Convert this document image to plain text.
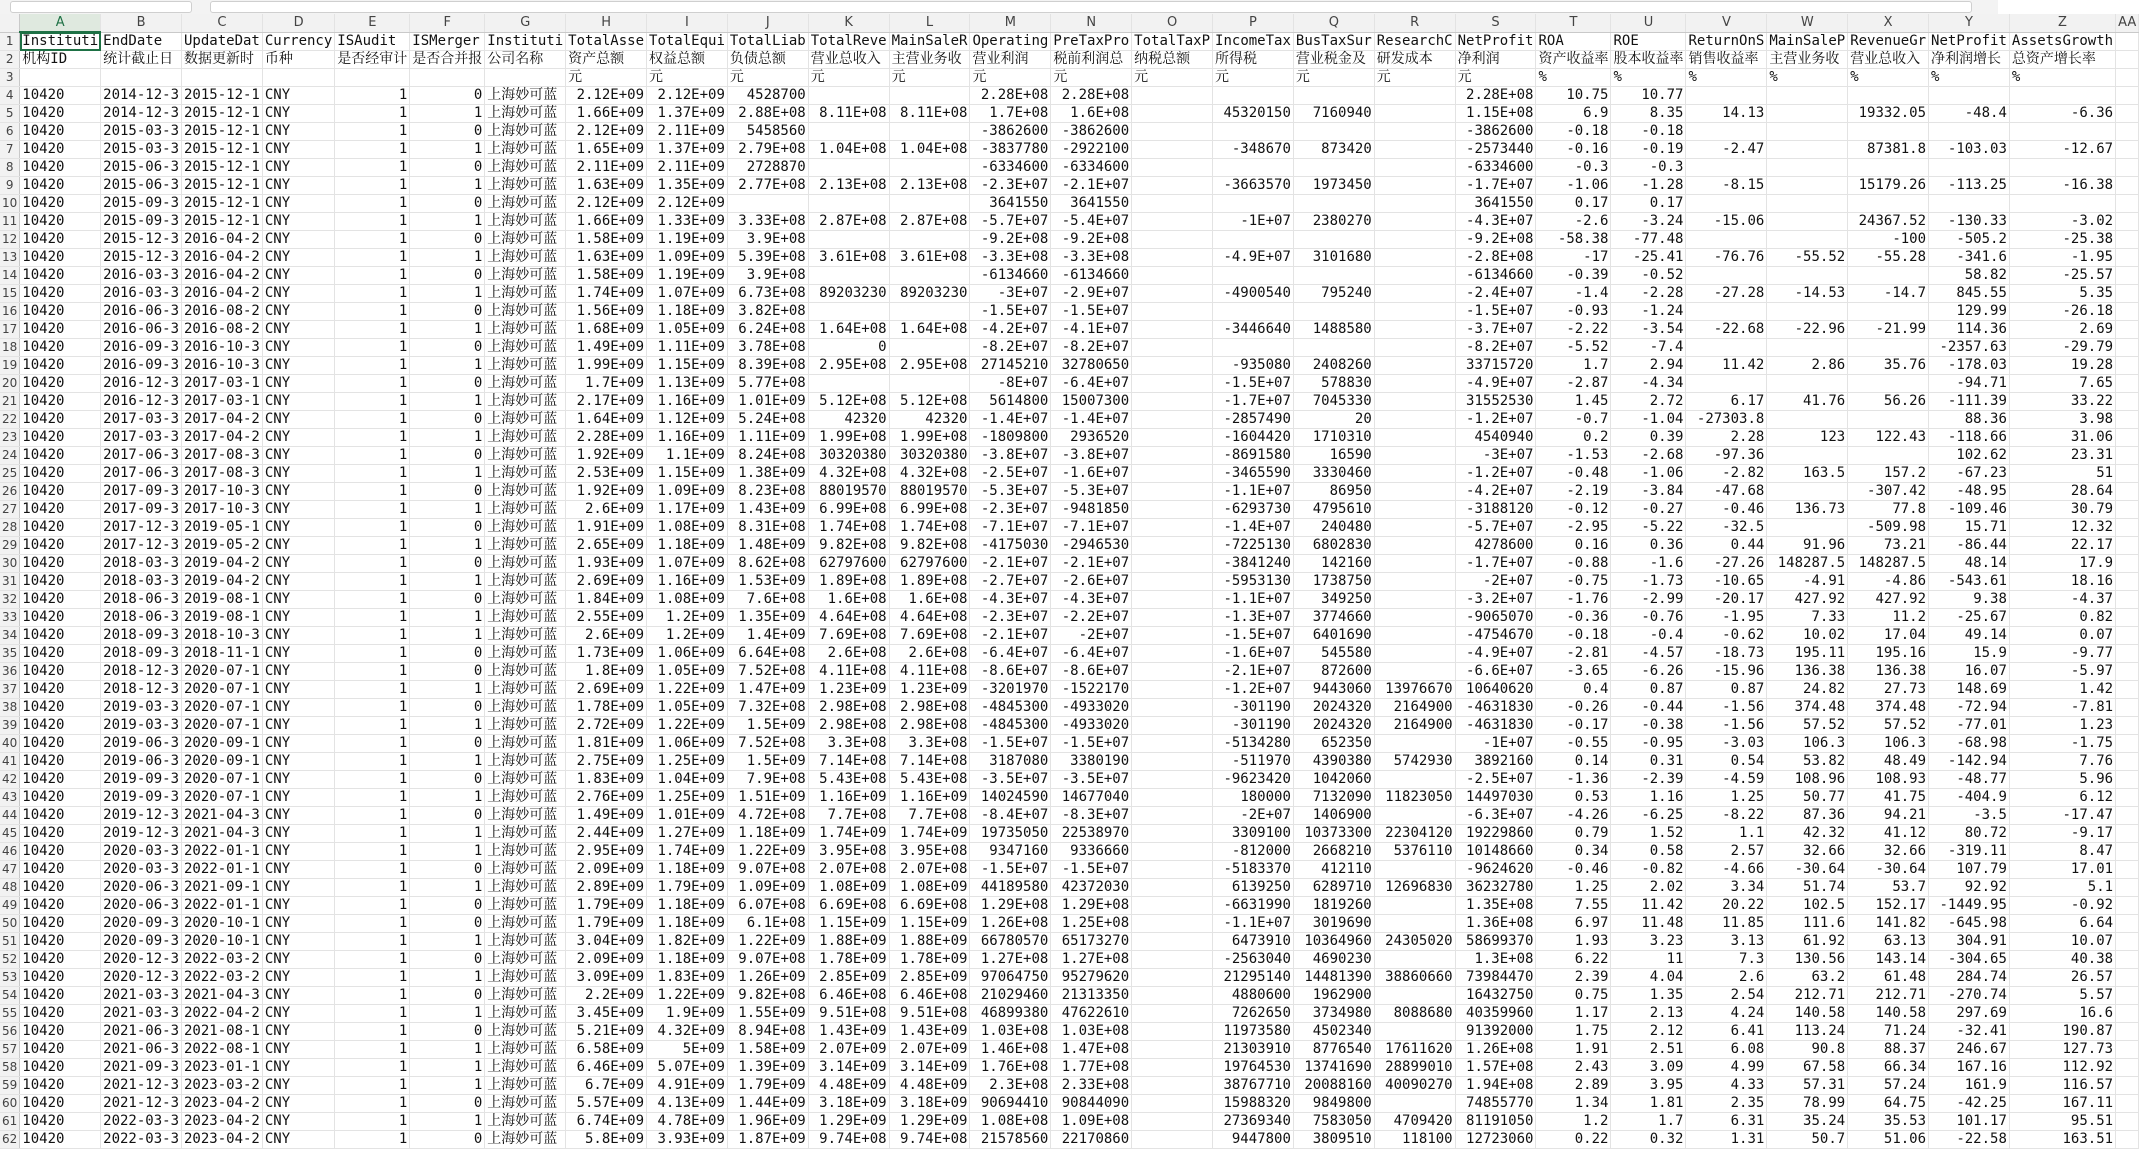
	A	B	C	D	E	F	G	H	I	J	K	L	M	N	O	P	Q	R	S	T	U	V	W	X	Y	Z	AA
1	Instituti	EndDate	UpdateDat	Currency	ISAudit	ISMerger	Instituti	TotalAsse	TotalEqui	TotalLiab	TotalReve	MainSaleR	Operating	PreTaxPro	TotalTaxP	IncomeTax	BusTaxSur	ResearchC	NetProfit	ROA	ROE	ReturnOnS	MainSaleP	RevenueGr	NetProfit	AssetsGrowth	
2	机构ID	统计截止日	数据更新时	币种	是否经审计	是否合并报	公司名称	资产总额	权益总额	负债总额	营业总收入	主营业务收	营业利润	税前利润总	纳税总额	所得税	营业税金及	研发成本	净利润	资产收益率	股本收益率	销售收益率	主营业务收	营业总收入	净利润增长	总资产增长率	
3								元	元	元	元	元	元	元	元	元	元	元	元	%	%	%	%	%	%	%	
4	10420	2014-12-3	2015-12-1	CNY	1	0	上海妙可蓝	2.12E+09	2.12E+09	4528700			2.28E+08	2.28E+08					2.28E+08	10.75	10.77						
5	10420	2014-12-3	2015-12-1	CNY	1	1	上海妙可蓝	1.66E+09	1.37E+09	2.88E+08	8.11E+08	8.11E+08	1.7E+08	1.6E+08		45320150	7160940		1.15E+08	6.9	8.35	14.13		19332.05	-48.4	-6.36	
6	10420	2015-03-3	2015-12-1	CNY	1	0	上海妙可蓝	2.12E+09	2.11E+09	5458560			-3862600	-3862600					-3862600	-0.18	-0.18						
7	10420	2015-03-3	2015-12-1	CNY	1	1	上海妙可蓝	1.65E+09	1.37E+09	2.79E+08	1.04E+08	1.04E+08	-3837780	-2922100		-348670	873420		-2573440	-0.16	-0.19	-2.47		87381.8	-103.03	-12.67	
8	10420	2015-06-3	2015-12-1	CNY	1	0	上海妙可蓝	2.11E+09	2.11E+09	2728870			-6334600	-6334600					-6334600	-0.3	-0.3						
9	10420	2015-06-3	2015-12-1	CNY	1	1	上海妙可蓝	1.63E+09	1.35E+09	2.77E+08	2.13E+08	2.13E+08	-2.3E+07	-2.1E+07		-3663570	1973450		-1.7E+07	-1.06	-1.28	-8.15		15179.26	-113.25	-16.38	
10	10420	2015-09-3	2015-12-1	CNY	1	0	上海妙可蓝	2.12E+09	2.12E+09				3641550	3641550					3641550	0.17	0.17						
11	10420	2015-09-3	2015-12-1	CNY	1	1	上海妙可蓝	1.66E+09	1.33E+09	3.33E+08	2.87E+08	2.87E+08	-5.7E+07	-5.4E+07		-1E+07	2380270		-4.3E+07	-2.6	-3.24	-15.06		24367.52	-130.33	-3.02	
12	10420	2015-12-3	2016-04-2	CNY	1	0	上海妙可蓝	1.58E+09	1.19E+09	3.9E+08			-9.2E+08	-9.2E+08					-9.2E+08	-58.38	-77.48			-100	-505.2	-25.38	
13	10420	2015-12-3	2016-04-2	CNY	1	1	上海妙可蓝	1.63E+09	1.09E+09	5.39E+08	3.61E+08	3.61E+08	-3.3E+08	-3.3E+08		-4.9E+07	3101680		-2.8E+08	-17	-25.41	-76.76	-55.52	-55.28	-341.6	-1.95	
14	10420	2016-03-3	2016-04-2	CNY	1	0	上海妙可蓝	1.58E+09	1.19E+09	3.9E+08			-6134660	-6134660					-6134660	-0.39	-0.52				58.82	-25.57	
15	10420	2016-03-3	2016-04-2	CNY	1	1	上海妙可蓝	1.74E+09	1.07E+09	6.73E+08	89203230	89203230	-3E+07	-2.9E+07		-4900540	795240		-2.4E+07	-1.4	-2.28	-27.28	-14.53	-14.7	845.55	5.35	
16	10420	2016-06-3	2016-08-2	CNY	1	0	上海妙可蓝	1.56E+09	1.18E+09	3.82E+08			-1.5E+07	-1.5E+07					-1.5E+07	-0.93	-1.24				129.99	-26.18	
17	10420	2016-06-3	2016-08-2	CNY	1	1	上海妙可蓝	1.68E+09	1.05E+09	6.24E+08	1.64E+08	1.64E+08	-4.2E+07	-4.1E+07		-3446640	1488580		-3.7E+07	-2.22	-3.54	-22.68	-22.96	-21.99	114.36	2.69	
18	10420	2016-09-3	2016-10-3	CNY	1	0	上海妙可蓝	1.49E+09	1.11E+09	3.78E+08	0		-8.2E+07	-8.2E+07					-8.2E+07	-5.52	-7.4				-2357.63	-29.79	
19	10420	2016-09-3	2016-10-3	CNY	1	1	上海妙可蓝	1.99E+09	1.15E+09	8.39E+08	2.95E+08	2.95E+08	27145210	32780650		-935080	2408260		33715720	1.7	2.94	11.42	2.86	35.76	-178.03	19.28	
20	10420	2016-12-3	2017-03-1	CNY	1	0	上海妙可蓝	1.7E+09	1.13E+09	5.77E+08			-8E+07	-6.4E+07		-1.5E+07	578830		-4.9E+07	-2.87	-4.34				-94.71	7.65	
21	10420	2016-12-3	2017-03-1	CNY	1	1	上海妙可蓝	2.17E+09	1.16E+09	1.01E+09	5.12E+08	5.12E+08	5614800	15007300		-1.7E+07	7045330		31552530	1.45	2.72	6.17	41.76	56.26	-111.39	33.22	
22	10420	2017-03-3	2017-04-2	CNY	1	0	上海妙可蓝	1.64E+09	1.12E+09	5.24E+08	42320	42320	-1.4E+07	-1.4E+07		-2857490	20		-1.2E+07	-0.7	-1.04	-27303.8			88.36	3.98	
23	10420	2017-03-3	2017-04-2	CNY	1	1	上海妙可蓝	2.28E+09	1.16E+09	1.11E+09	1.99E+08	1.99E+08	-1809800	2936520		-1604420	1710310		4540940	0.2	0.39	2.28	123	122.43	-118.66	31.06	
24	10420	2017-06-3	2017-08-3	CNY	1	0	上海妙可蓝	1.92E+09	1.1E+09	8.24E+08	30320380	30320380	-3.8E+07	-3.8E+07		-8691580	16590		-3E+07	-1.53	-2.68	-97.36			102.62	23.31	
25	10420	2017-06-3	2017-08-3	CNY	1	1	上海妙可蓝	2.53E+09	1.15E+09	1.38E+09	4.32E+08	4.32E+08	-2.5E+07	-1.6E+07		-3465590	3330460		-1.2E+07	-0.48	-1.06	-2.82	163.5	157.2	-67.23	51	
26	10420	2017-09-3	2017-10-3	CNY	1	0	上海妙可蓝	1.92E+09	1.09E+09	8.23E+08	88019570	88019570	-5.3E+07	-5.3E+07		-1.1E+07	86950		-4.2E+07	-2.19	-3.84	-47.68		-307.42	-48.95	28.64	
27	10420	2017-09-3	2017-10-3	CNY	1	1	上海妙可蓝	2.6E+09	1.17E+09	1.43E+09	6.99E+08	6.99E+08	-2.3E+07	-9481850		-6293730	4795610		-3188120	-0.12	-0.27	-0.46	136.73	77.8	-109.46	30.79	
28	10420	2017-12-3	2019-05-1	CNY	1	0	上海妙可蓝	1.91E+09	1.08E+09	8.31E+08	1.74E+08	1.74E+08	-7.1E+07	-7.1E+07		-1.4E+07	240480		-5.7E+07	-2.95	-5.22	-32.5		-509.98	15.71	12.32	
29	10420	2017-12-3	2019-05-2	CNY	1	1	上海妙可蓝	2.65E+09	1.18E+09	1.48E+09	9.82E+08	9.82E+08	-4175030	-2946530		-7225130	6802830		4278600	0.16	0.36	0.44	91.96	73.21	-86.44	22.17	
30	10420	2018-03-3	2019-04-2	CNY	1	0	上海妙可蓝	1.93E+09	1.07E+09	8.62E+08	62797600	62797600	-2.1E+07	-2.1E+07		-3841240	142160		-1.7E+07	-0.88	-1.6	-27.26	148287.5	148287.5	48.14	17.9	
31	10420	2018-03-3	2019-04-2	CNY	1	1	上海妙可蓝	2.69E+09	1.16E+09	1.53E+09	1.89E+08	1.89E+08	-2.7E+07	-2.6E+07		-5953130	1738750		-2E+07	-0.75	-1.73	-10.65	-4.91	-4.86	-543.61	18.16	
32	10420	2018-06-3	2019-08-1	CNY	1	0	上海妙可蓝	1.84E+09	1.08E+09	7.6E+08	1.6E+08	1.6E+08	-4.3E+07	-4.3E+07		-1.1E+07	349250		-3.2E+07	-1.76	-2.99	-20.17	427.92	427.92	9.38	-4.37	
33	10420	2018-06-3	2019-08-1	CNY	1	1	上海妙可蓝	2.55E+09	1.2E+09	1.35E+09	4.64E+08	4.64E+08	-2.3E+07	-2.2E+07		-1.3E+07	3774660		-9065070	-0.36	-0.76	-1.95	7.33	11.2	-25.67	0.82	
34	10420	2018-09-3	2018-10-3	CNY	1	1	上海妙可蓝	2.6E+09	1.2E+09	1.4E+09	7.69E+08	7.69E+08	-2.1E+07	-2E+07		-1.5E+07	6401690		-4754670	-0.18	-0.4	-0.62	10.02	17.04	49.14	0.07	
35	10420	2018-09-3	2018-11-1	CNY	1	0	上海妙可蓝	1.73E+09	1.06E+09	6.64E+08	2.6E+08	2.6E+08	-6.4E+07	-6.4E+07		-1.6E+07	545580		-4.9E+07	-2.81	-4.57	-18.73	195.11	195.16	15.9	-9.77	
36	10420	2018-12-3	2020-07-1	CNY	1	0	上海妙可蓝	1.8E+09	1.05E+09	7.52E+08	4.11E+08	4.11E+08	-8.6E+07	-8.6E+07		-2.1E+07	872600		-6.6E+07	-3.65	-6.26	-15.96	136.38	136.38	16.07	-5.97	
37	10420	2018-12-3	2020-07-1	CNY	1	1	上海妙可蓝	2.69E+09	1.22E+09	1.47E+09	1.23E+09	1.23E+09	-3201970	-1522170		-1.2E+07	9443060	13976670	10640620	0.4	0.87	0.87	24.82	27.73	148.69	1.42	
38	10420	2019-03-3	2020-07-1	CNY	1	0	上海妙可蓝	1.78E+09	1.05E+09	7.32E+08	2.98E+08	2.98E+08	-4845300	-4933020		-301190	2024320	2164900	-4631830	-0.26	-0.44	-1.56	374.48	374.48	-72.94	-7.81	
39	10420	2019-03-3	2020-07-1	CNY	1	1	上海妙可蓝	2.72E+09	1.22E+09	1.5E+09	2.98E+08	2.98E+08	-4845300	-4933020		-301190	2024320	2164900	-4631830	-0.17	-0.38	-1.56	57.52	57.52	-77.01	1.23	
40	10420	2019-06-3	2020-09-1	CNY	1	0	上海妙可蓝	1.81E+09	1.06E+09	7.52E+08	3.3E+08	3.3E+08	-1.5E+07	-1.5E+07		-5134280	652350		-1E+07	-0.55	-0.95	-3.03	106.3	106.3	-68.98	-1.75	
41	10420	2019-06-3	2020-09-1	CNY	1	1	上海妙可蓝	2.75E+09	1.25E+09	1.5E+09	7.14E+08	7.14E+08	3187080	3380190		-511970	4390380	5742930	3892160	0.14	0.31	0.54	53.82	48.49	-142.94	7.76	
42	10420	2019-09-3	2020-07-1	CNY	1	0	上海妙可蓝	1.83E+09	1.04E+09	7.9E+08	5.43E+08	5.43E+08	-3.5E+07	-3.5E+07		-9623420	1042060		-2.5E+07	-1.36	-2.39	-4.59	108.96	108.93	-48.77	5.96	
43	10420	2019-09-3	2020-07-1	CNY	1	1	上海妙可蓝	2.76E+09	1.25E+09	1.51E+09	1.16E+09	1.16E+09	14024590	14677040		180000	7132090	11823050	14497030	0.53	1.16	1.25	50.77	41.75	-404.9	6.12	
44	10420	2019-12-3	2021-04-3	CNY	1	0	上海妙可蓝	1.49E+09	1.01E+09	4.72E+08	7.7E+08	7.7E+08	-8.4E+07	-8.3E+07		-2E+07	1406900		-6.3E+07	-4.26	-6.25	-8.22	87.36	94.21	-3.5	-17.47	
45	10420	2019-12-3	2021-04-3	CNY	1	1	上海妙可蓝	2.44E+09	1.27E+09	1.18E+09	1.74E+09	1.74E+09	19735050	22538970		3309100	10373300	22304120	19229860	0.79	1.52	1.1	42.32	41.12	80.72	-9.17	
46	10420	2020-03-3	2022-01-1	CNY	1	1	上海妙可蓝	2.95E+09	1.74E+09	1.22E+09	3.95E+08	3.95E+08	9347160	9336660		-812000	2668210	5376110	10148660	0.34	0.58	2.57	32.66	32.66	-319.11	8.47	
47	10420	2020-03-3	2022-01-1	CNY	1	0	上海妙可蓝	2.09E+09	1.18E+09	9.07E+08	2.07E+08	2.07E+08	-1.5E+07	-1.5E+07		-5183370	412110		-9624620	-0.46	-0.82	-4.66	-30.64	-30.64	107.79	17.01	
48	10420	2020-06-3	2021-09-1	CNY	1	1	上海妙可蓝	2.89E+09	1.79E+09	1.09E+09	1.08E+09	1.08E+09	44189580	42372030		6139250	6289710	12696830	36232780	1.25	2.02	3.34	51.74	53.7	92.92	5.1	
49	10420	2020-06-3	2022-01-1	CNY	1	0	上海妙可蓝	1.79E+09	1.18E+09	6.07E+08	6.69E+08	6.69E+08	1.29E+08	1.29E+08		-6631990	1819260		1.35E+08	7.55	11.42	20.22	102.5	152.17	-1449.95	-0.92	
50	10420	2020-09-3	2020-10-1	CNY	1	0	上海妙可蓝	1.79E+09	1.18E+09	6.1E+08	1.15E+09	1.15E+09	1.26E+08	1.25E+08		-1.1E+07	3019690		1.36E+08	6.97	11.48	11.85	111.6	141.82	-645.98	6.64	
51	10420	2020-09-3	2020-10-1	CNY	1	1	上海妙可蓝	3.04E+09	1.82E+09	1.22E+09	1.88E+09	1.88E+09	66780570	65173270		6473910	10364960	24305020	58699370	1.93	3.23	3.13	61.92	63.13	304.91	10.07	
52	10420	2020-12-3	2022-03-2	CNY	1	0	上海妙可蓝	2.09E+09	1.18E+09	9.07E+08	1.78E+09	1.78E+09	1.27E+08	1.27E+08		-2563040	4690230		1.3E+08	6.22	11	7.3	130.56	143.14	-304.65	40.38	
53	10420	2020-12-3	2022-03-2	CNY	1	1	上海妙可蓝	3.09E+09	1.83E+09	1.26E+09	2.85E+09	2.85E+09	97064750	95279620		21295140	14481390	38860660	73984470	2.39	4.04	2.6	63.2	61.48	284.74	26.57	
54	10420	2021-03-3	2021-04-3	CNY	1	0	上海妙可蓝	2.2E+09	1.22E+09	9.82E+08	6.46E+08	6.46E+08	21029460	21313350		4880600	1962900		16432750	0.75	1.35	2.54	212.71	212.71	-270.74	5.57	
55	10420	2021-03-3	2022-04-2	CNY	1	1	上海妙可蓝	3.45E+09	1.9E+09	1.55E+09	9.51E+08	9.51E+08	46899380	47622610		7262650	3734980	8088680	40359960	1.17	2.13	4.24	140.58	140.58	297.69	16.6	
56	10420	2021-06-3	2021-08-1	CNY	1	0	上海妙可蓝	5.21E+09	4.32E+09	8.94E+08	1.43E+09	1.43E+09	1.03E+08	1.03E+08		11973580	4502340		91392000	1.75	2.12	6.41	113.24	71.24	-32.41	190.87	
57	10420	2021-06-3	2022-08-1	CNY	1	1	上海妙可蓝	6.58E+09	5E+09	1.58E+09	2.07E+09	2.07E+09	1.46E+08	1.47E+08		21303910	8776540	17611620	1.26E+08	1.91	2.51	6.08	90.8	88.37	246.67	127.73	
58	10420	2021-09-3	2023-01-1	CNY	1	1	上海妙可蓝	6.46E+09	5.07E+09	1.39E+09	3.14E+09	3.14E+09	1.76E+08	1.77E+08		19764530	13741690	28899010	1.57E+08	2.43	3.09	4.99	67.58	66.34	167.16	112.92	
59	10420	2021-12-3	2023-03-2	CNY	1	1	上海妙可蓝	6.7E+09	4.91E+09	1.79E+09	4.48E+09	4.48E+09	2.3E+08	2.33E+08		38767710	20088160	40090270	1.94E+08	2.89	3.95	4.33	57.31	57.24	161.9	116.57	
60	10420	2021-12-3	2023-04-2	CNY	1	0	上海妙可蓝	5.57E+09	4.13E+09	1.44E+09	3.18E+09	3.18E+09	90694410	90844090		15988320	9849800		74855770	1.34	1.81	2.35	78.99	64.75	-42.25	167.11	
61	10420	2022-03-3	2023-04-2	CNY	1	1	上海妙可蓝	6.74E+09	4.78E+09	1.96E+09	1.29E+09	1.29E+09	1.08E+08	1.09E+08		27369340	7583050	4709420	81191050	1.2	1.7	6.31	35.24	35.53	101.17	95.51	
62	10420	2022-03-3	2023-04-2	CNY	1	0	上海妙可蓝	5.8E+09	3.93E+09	1.87E+09	9.74E+08	9.74E+08	21578560	22170860		9447800	3809510	118100	12723060	0.22	0.32	1.31	50.7	51.06	-22.58	163.51	
